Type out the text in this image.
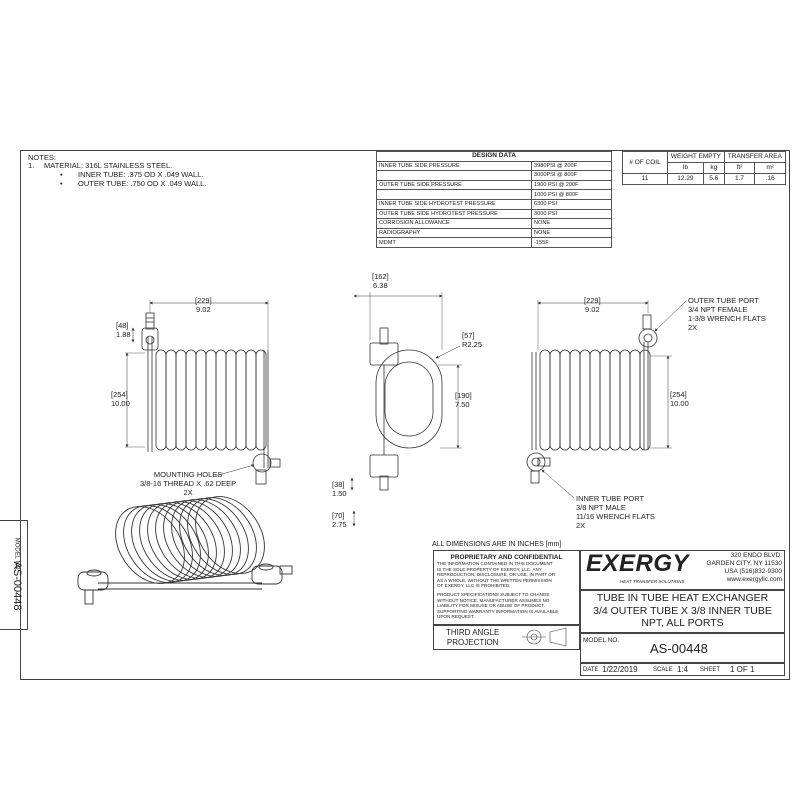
NOTES:
1. MATERIAL: 316L STAINLESS STEEL.
• INNER TUBE: .375 OD X .049 WALL.
• OUTER TUBE: .750 OD X .049 WALL.
DESIGN DATA	
INNER TUBE SIDE PRESSURE	3980PSI @ 200F
	3000PSI @ 800F
OUTER TUBE SIDE PRESSURE	1900 PSI @ 200F
	1000 PSI @ 800F
INNER TUBE SIDE HYDROTEST PRESSURE	6300 PSI
OUTER TUBE SIDE HYDROTEST PRESSURE	3000 PSI
CORROSION ALLOWANCE	NONE
RADIOGRAPHY	NONE
MDMT	-155F
# OF COIL	WEIGHT EMPTY		TRANSFER AREA	
	lb	kg	ft²	m²
11	12.29	5.6	1.7	.16
[229]
9.02
[48]
1.88
[254]
10.00
MOUNTING HOLES
3/8-16 THREAD X .62 DEEP
2X
[162]
6.38
[57]
R2.25
[190]
7.50
[38]
1.50
[70]
2.75
[229]
9.02
[254]
10.00
OUTER TUBE PORT
3/4 NPT FEMALE
1-3/8 WRENCH FLATS
2X
INNER TUBE PORT
3/8 NPT MALE
11/16 WRENCH FLATS
2X
ALL DIMENSIONS ARE IN INCHES [mm]
PROPRIETARY AND CONFIDENTIAL
THE INFORMATION CONTAINED IN THIS DOCUMENT
IS THE SOLE PROPERTY OF EXERGY, LLC. ANY
REPRODUCTION, DISCLOSURE, OR USE, IN PART OR
AS A WHOLE, WITHOUT THE WRITTEN PERMISSION
OF EXERGY, LLC IS PROHIBITED.
PRODUCT SPECIFICATIONS SUBJECT TO CHANGE
WITHOUT NOTICE. MANUFACTURER ASSUMES NO
LIABILITY FOR MISUSE OR ABUSE OF PRODUCT.
SUPPORTING WARRANTY INFORMATION IS AVAILABLE
UPON REQUEST.
THIRD ANGLE
PROJECTION
EXERGY
HEAT TRANSFER SOLUTIONS
320 ENDO BLVD.
GARDEN CITY, NY 11530
USA (516)832-9300
www.exergyllc.com
TUBE IN TUBE HEAT EXCHANGER
3/4 OUTER TUBE X 3/8 INNER TUBE
NPT, ALL PORTS
MODEL NO.
AS-00448
DATE 1/22/2019	SCALE 1:4 SHEET 1 OF 1
MODEL NO.
AS-00448
